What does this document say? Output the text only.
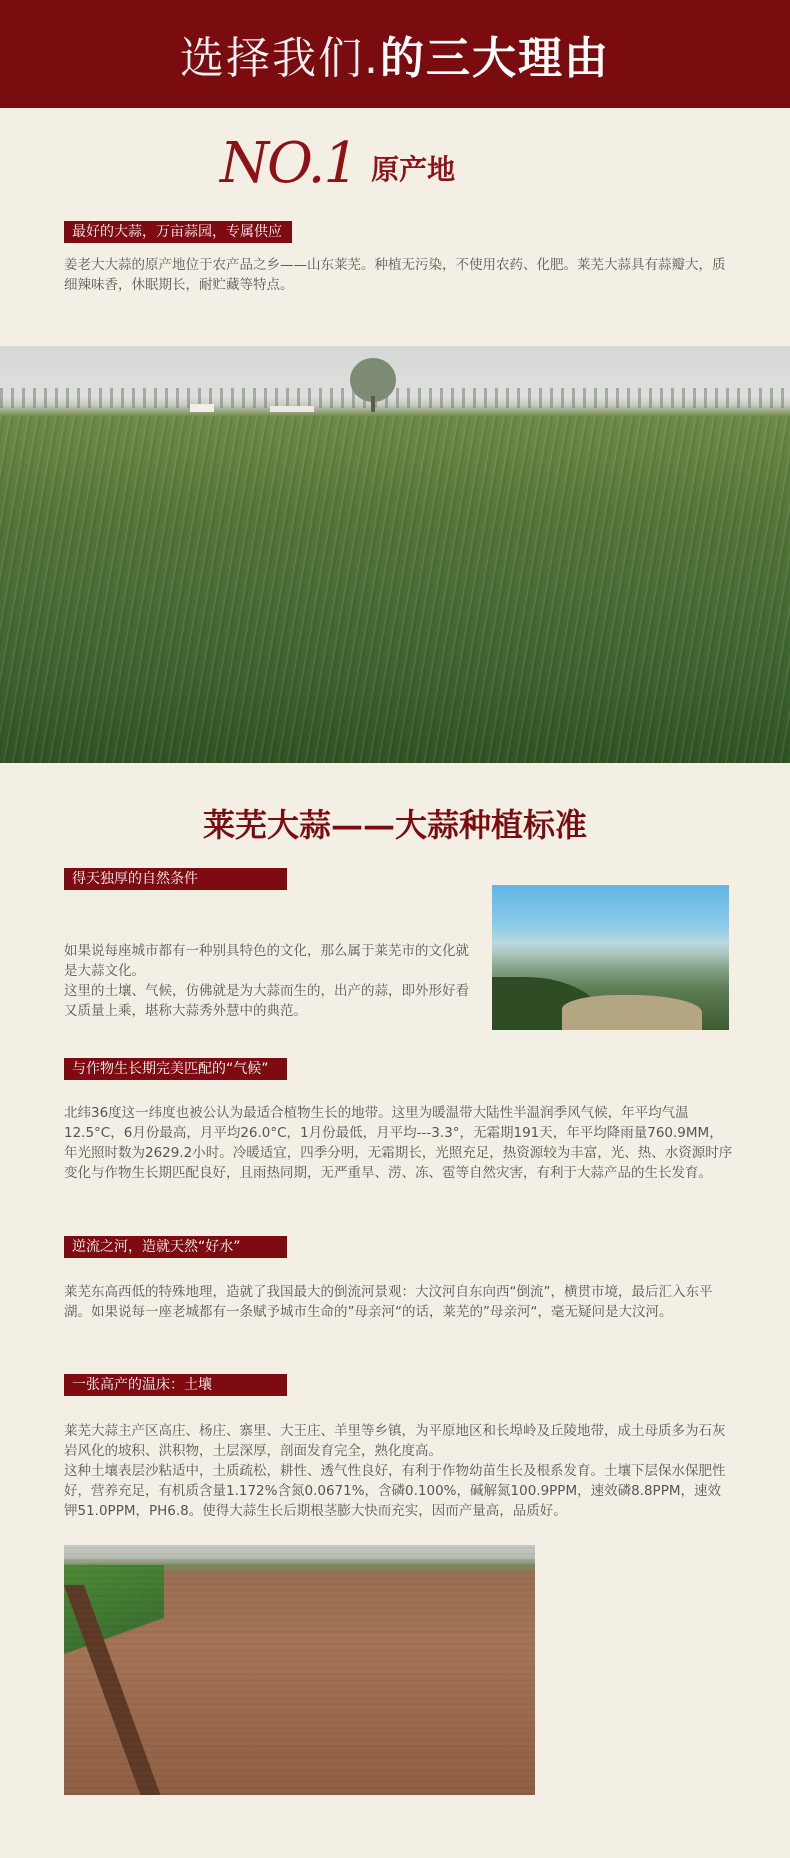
选择我们. 的三大理由
NO.1 原产地
最好的大蒜，万亩蒜园，专属供应
姜老大大蒜的原产地位于农产品之乡——山东莱芜。种植无污染，不使用农药、化肥。莱芜大蒜具有蒜瓣大，质细辣味香，休眠期长，耐贮藏等特点。
莱芜大蒜——大蒜种植标准
得天独厚的自然条件

如果说每座城市都有一种别具特色的文化，那么属于莱芜市的文化就是大蒜文化。

这里的土壤、气候，仿佛就是为大蒜而生的，出产的蒜，即外形好看又质量上乘，堪称大蒜秀外慧中的典范。

与作物生长期完美匹配的“气候”
北纬36度这一纬度也被公认为最适合植物生长的地带。这里为暖温带大陆性半温润季风气候，年平均气温12.5°C，6月份最高，月平均26.0°C，1月份最低，月平均---3.3°，无霜期191天，年平均降雨量760.9MM，年光照时数为2629.2小时。冷暖适宜，四季分明，无霜期长，光照充足，热资源较为丰富，光、热、水资源时序变化与作物生长期匹配良好，且雨热同期，无严重旱、涝、冻、雹等自然灾害，有利于大蒜产品的生长发育。
逆流之河，造就天然“好水”
莱芜东高西低的特殊地理，造就了我国最大的倒流河景观：大汶河自东向西“倒流”，横贯市境，最后汇入东平湖。如果说每一座老城都有一条赋予城市生命的”母亲河“的话，莱芜的”母亲河“，毫无疑问是大汶河。
一张高产的温床：土壤

莱芜大蒜主产区高庄、杨庄、寨里、大王庄、羊里等乡镇，为平原地区和长埠岭及丘陵地带，成土母质多为石灰岩风化的坡积、洪积物，土层深厚，剖面发育完全，熟化度高。

这种土壤表层沙粘适中，土质疏松，耕性、透气性良好，有利于作物幼苗生长及根系发育。土壤下层保水保肥性好，营养充足，有机质含量1.172%含氮0.0671%，含磷0.100%，碱解氮100.9PPM，速效磷8.8PPM，速效钾51.0PPM，PH6.8。使得大蒜生长后期根茎膨大快而充实，因而产量高，品质好。
